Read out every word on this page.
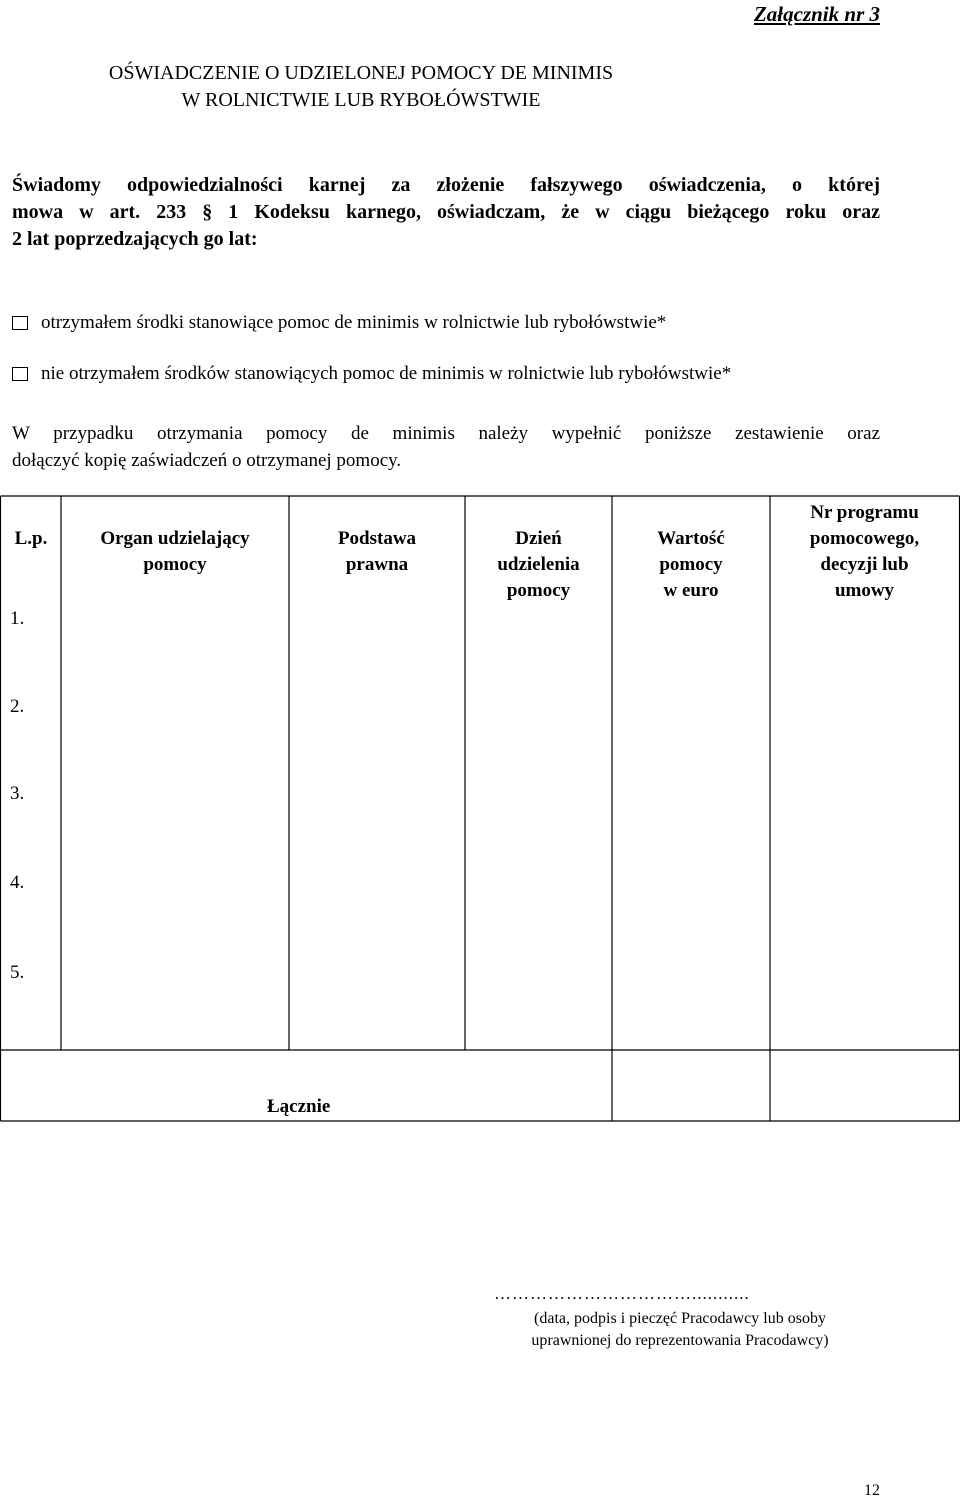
Załącznik nr 3
OŚWIADCZENIE O UDZIELONEJ POMOCY DE MINIMIS
W ROLNICTWIE LUB RYBOŁÓWSTWIE
Świadomy odpowiedzialności karnej za złożenie fałszywego oświadczenia, o której
mowa w art. 233 § 1 Kodeksu karnego, oświadczam, że w ciągu bieżącego roku oraz
2 lat poprzedzających go lat:
otrzymałem środki stanowiące pomoc de minimis w rolnictwie lub rybołówstwie*
nie otrzymałem środków stanowiących pomoc de minimis w rolnictwie lub rybołówstwie*
W przypadku otrzymania pomocy de minimis należy wypełnić poniższe zestawienie oraz
dołączyć kopię zaświadczeń o otrzymanej pomocy.
L.p.	Organ udzielający
pomocy
Podstawa
prawna
Dzień
udzielenia
pomocy
Wartość
pomocy
w euro
Nr programu
pomocowego,
decyzji lub
umowy
1.
2.
3.
4.
5.
Łącznie
……………………………...........
(data, podpis i pieczęć Pracodawcy lub osoby
uprawnionej do reprezentowania Pracodawcy)
12
